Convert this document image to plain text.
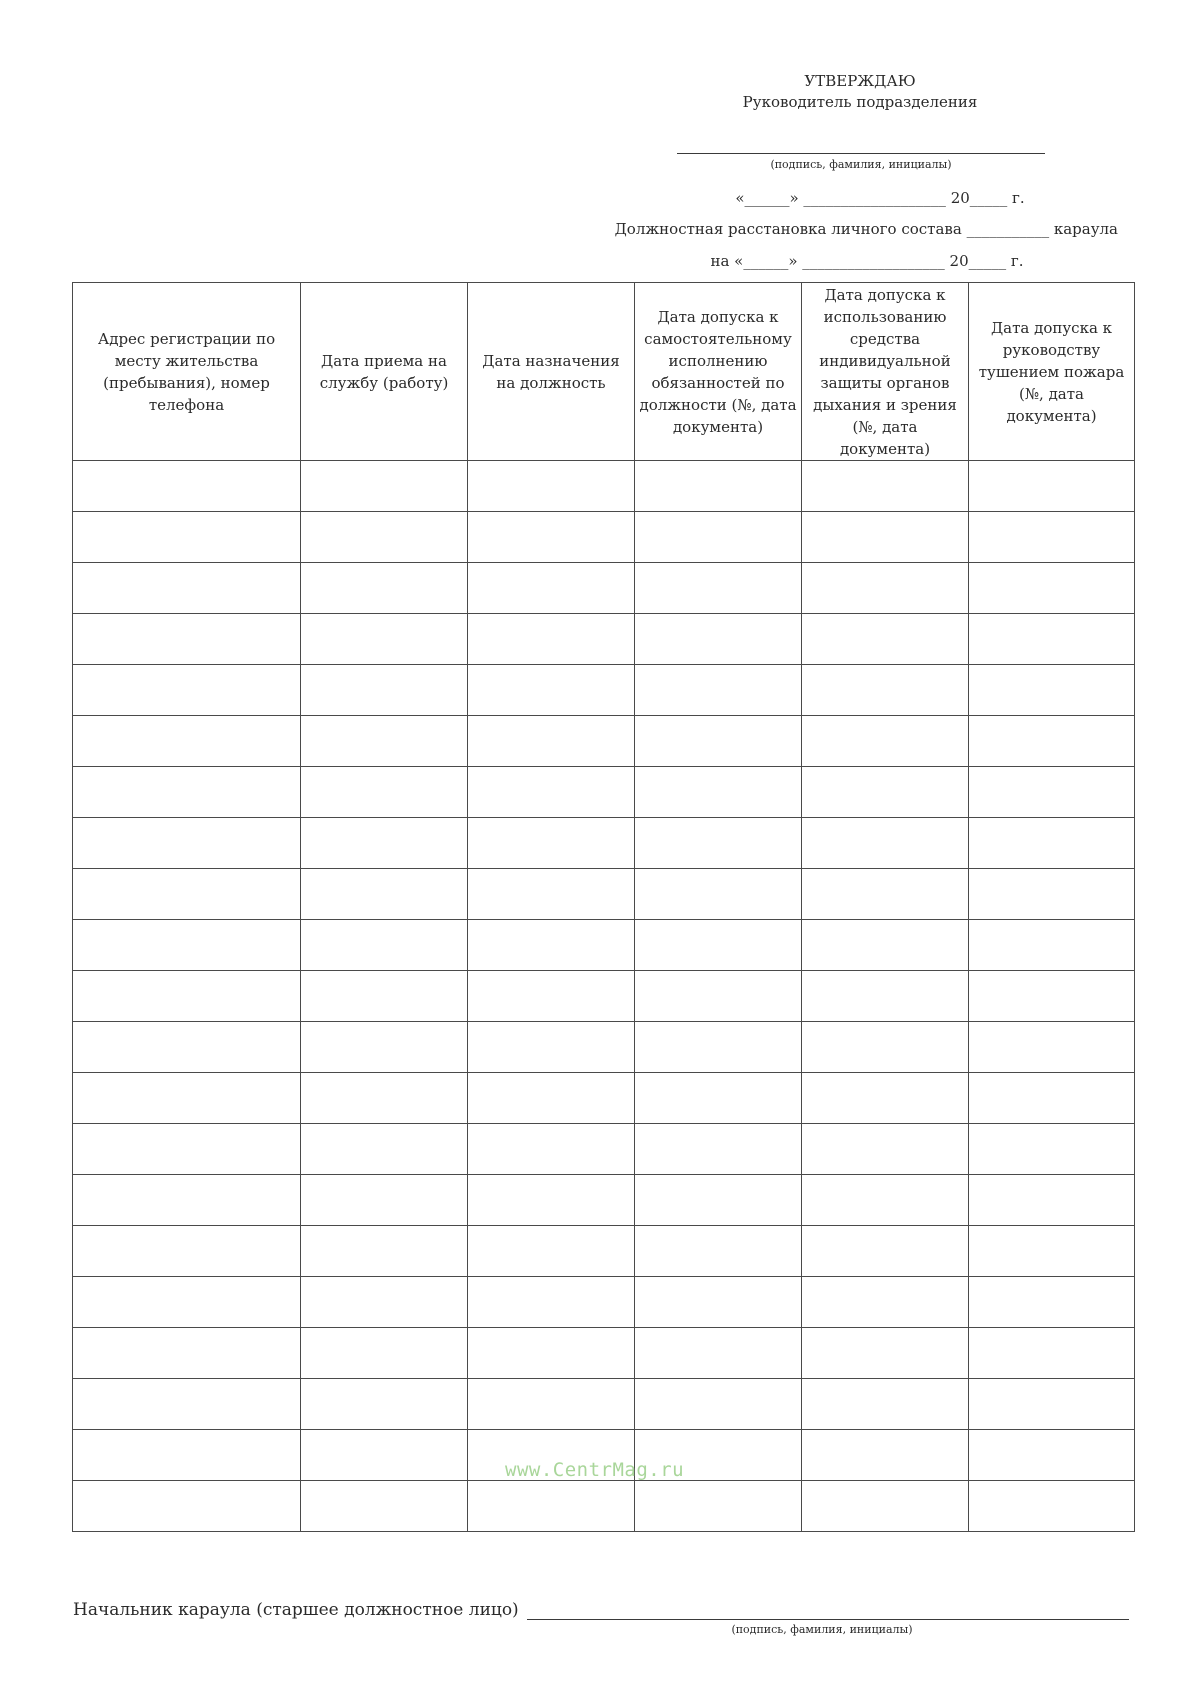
УТВЕРЖДАЮ
Руководитель подразделения
(подпись, фамилия, инициалы)
«______» ___________________ 20_____ г.
Должностная расстановка личного состава ___________ караула
на «______» ___________________ 20_____ г.
Адрес регистрации по месту жительства (пребывания), номер телефона	Дата приема на службу (работу)	Дата назначения на должность	Дата допуска к самостоятельному исполнению обязанностей по должности (№, дата документа)	Дата допуска к использованию средства индивидуальной защиты органов дыхания и зрения (№, дата документа)	Дата допуска к руководству тушением пожара (№, дата документа)

www.CentrMag.ru
Начальник караула (старшее должностное лицо)
(подпись, фамилия, инициалы)
